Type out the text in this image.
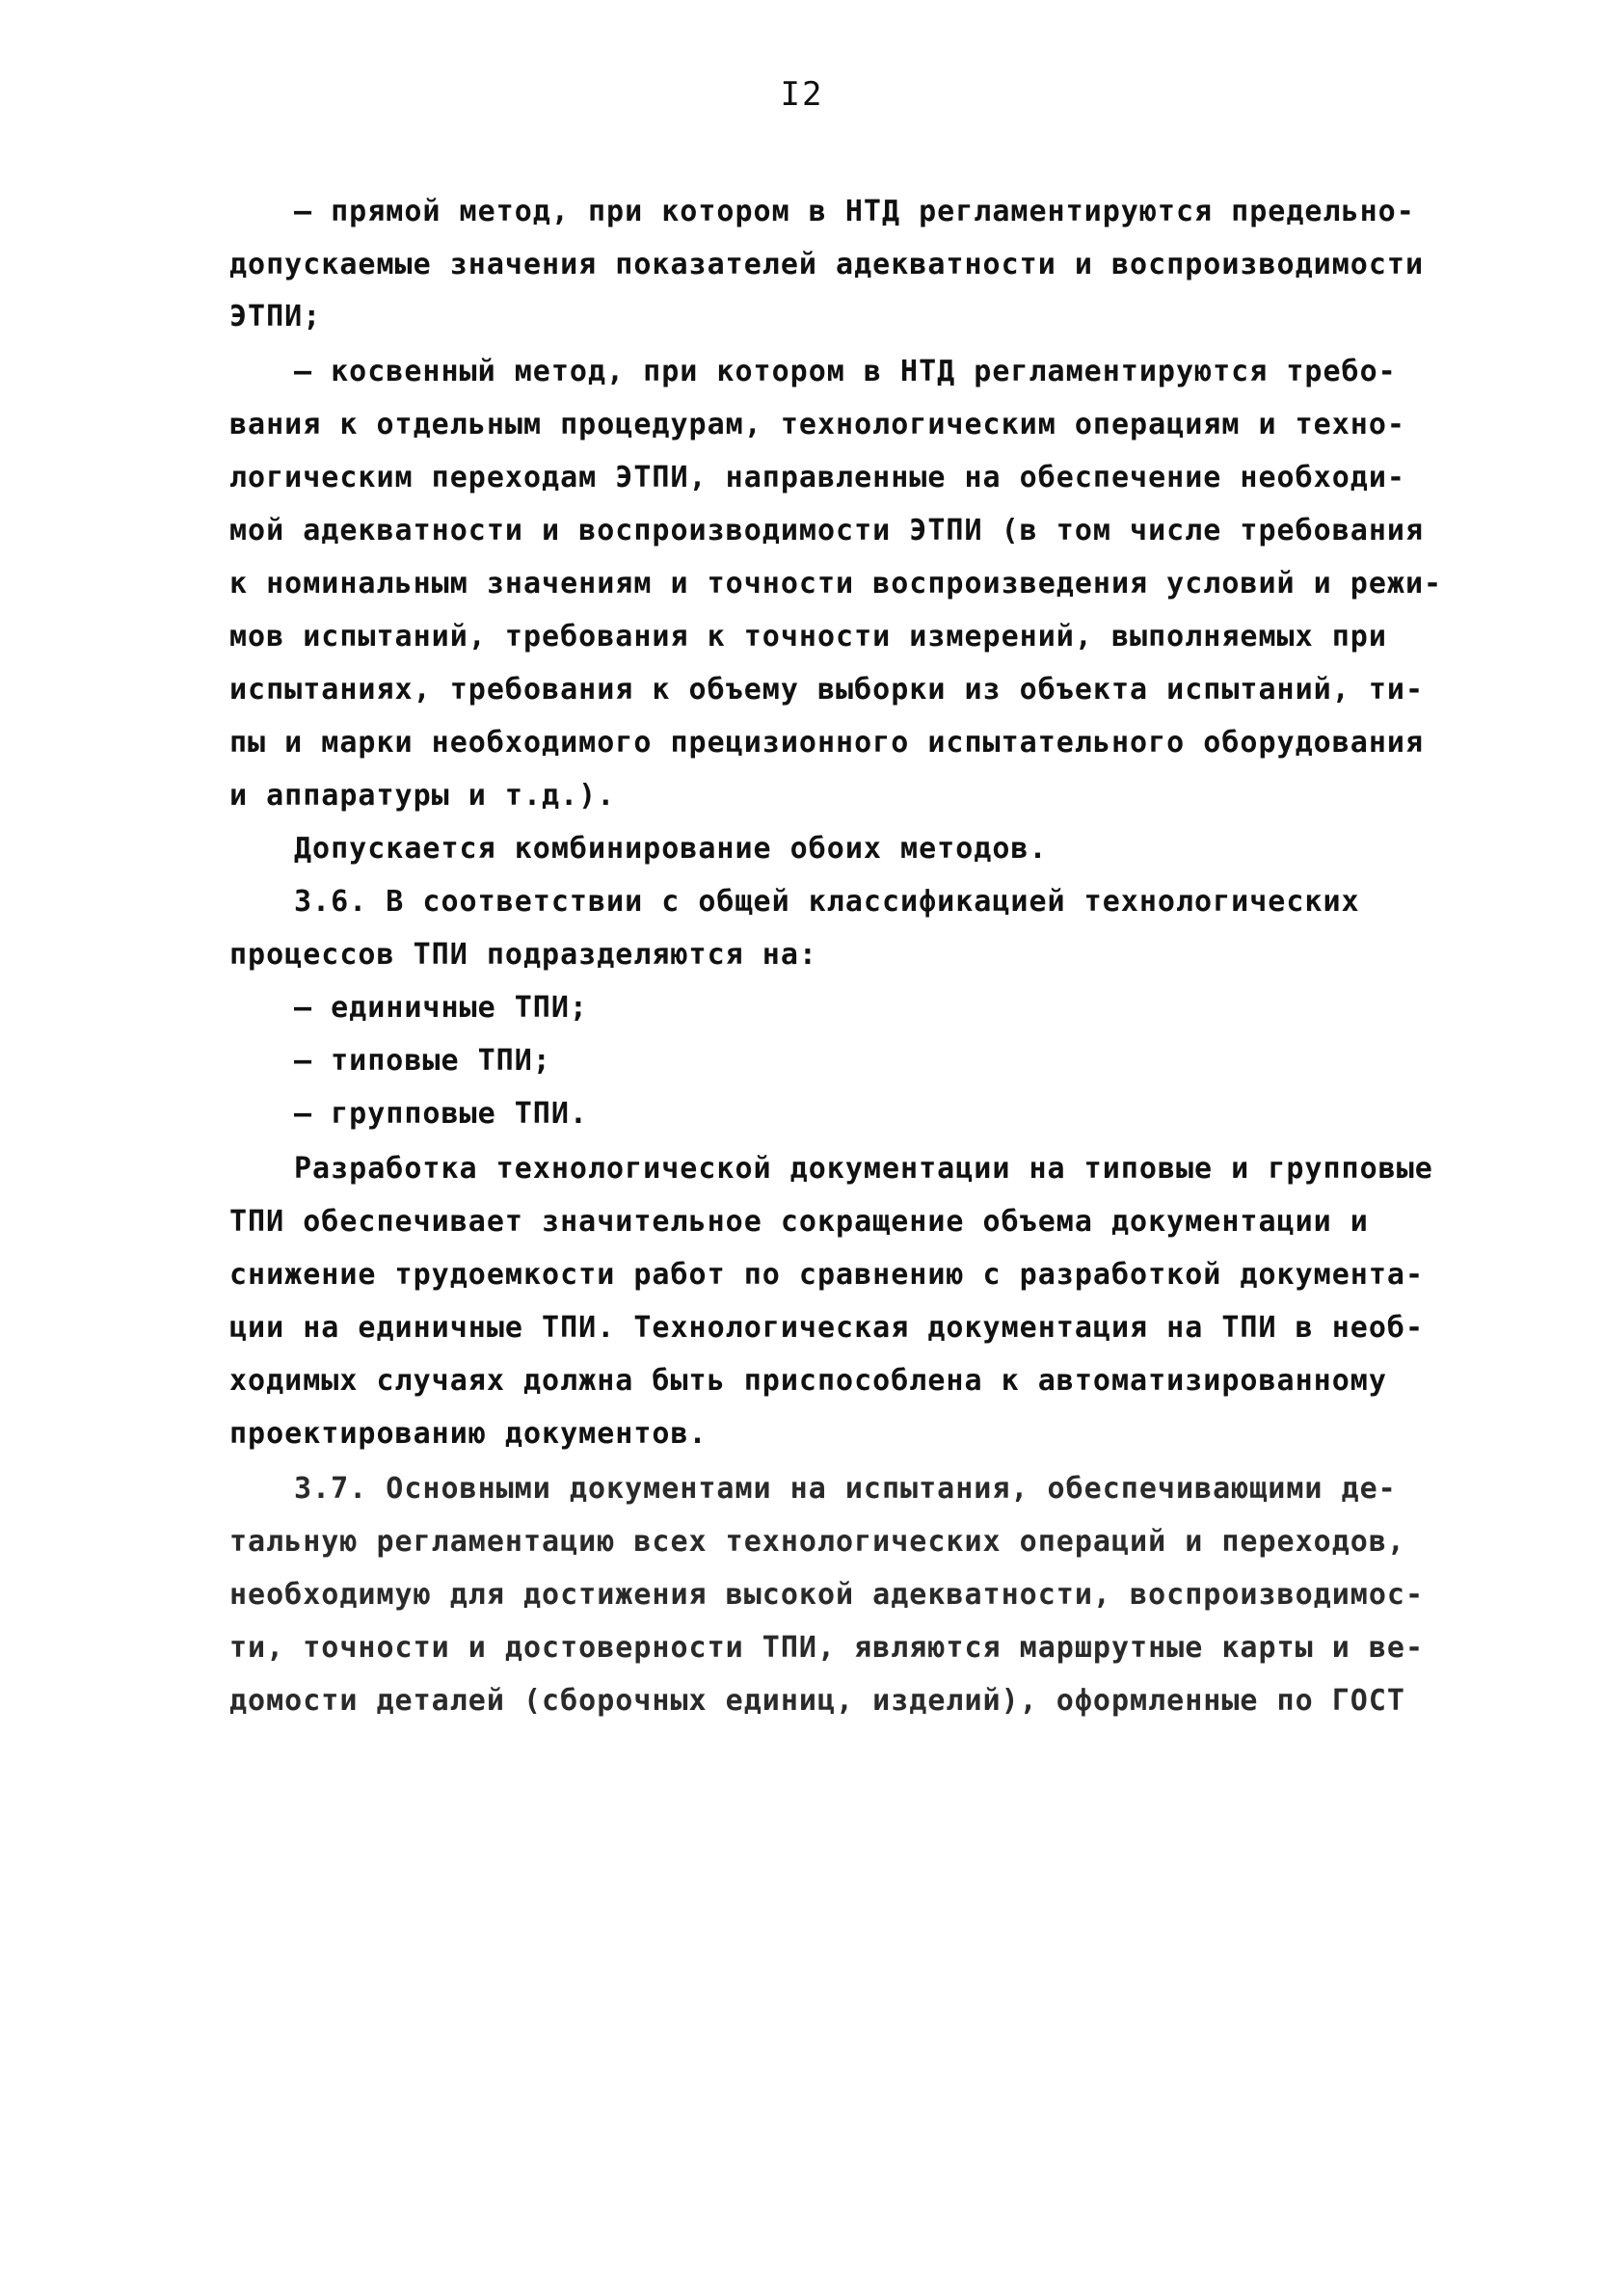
I2
– прямой метод, при котором в НТД регламентируются предельно-
допускаемые значения показателей адекватности и воспроизводимости
ЭТПИ;
– косвенный метод, при котором в НТД регламентируются требо-
вания к отдельным процедурам, технологическим операциям и техно-
логическим переходам ЭТПИ, направленные на обеспечение необходи-
мой адекватности и воспроизводимости ЭТПИ (в том числе требования
к номинальным значениям и точности воспроизведения условий и режи-
мов испытаний, требования к точности измерений, выполняемых при
испытаниях, требования к объему выборки из объекта испытаний, ти-
пы и марки необходимого прецизионного испытательного оборудования
и аппаратуры и т.д.).
Допускается комбинирование обоих методов.
3.6. В соответствии с общей классификацией технологических
процессов ТПИ подразделяются на:
– единичные ТПИ;
– типовые ТПИ;
– групповые ТПИ.
Разработка технологической документации на типовые и групповые
ТПИ обеспечивает значительное сокращение объема документации и
снижение трудоемкости работ по сравнению с разработкой документа-
ции на единичные ТПИ. Технологическая документация на ТПИ в необ-
ходимых случаях должна быть приспособлена к автоматизированному
проектированию документов.
3.7. Основными документами на испытания, обеспечивающими де-
тальную регламентацию всех технологических операций и переходов,
необходимую для достижения высокой адекватности, воспроизводимос-
ти, точности и достоверности ТПИ, являются маршрутные карты и ве-
домости деталей (сборочных единиц, изделий), оформленные по ГОСТ
